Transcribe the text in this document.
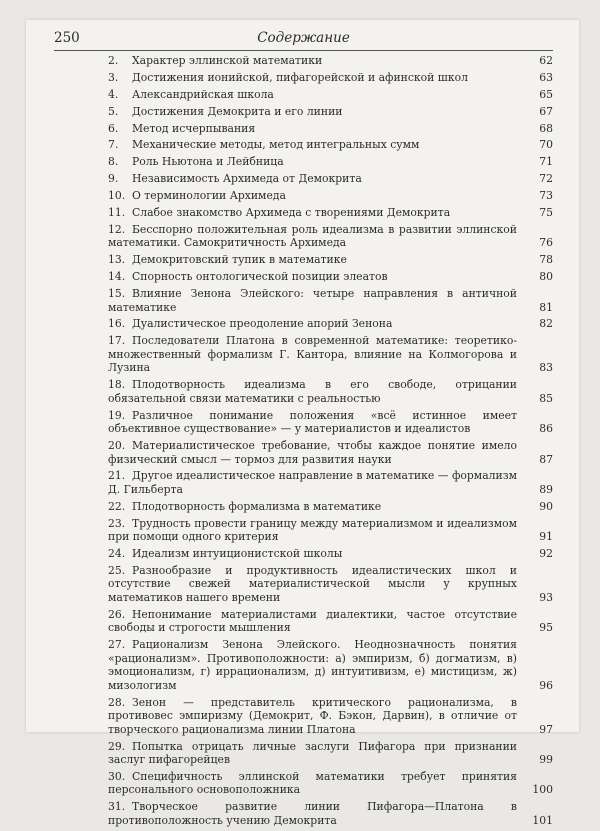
250	Содержание
2. Характер эллинской математики	62
3. Достижения ионийской, пифагорейской и афинской школ	63
4. Александрийская школа	65
5. Достижения Демокрита и его линии	67
6. Метод исчерпывания	68
7. Механические методы, метод интегральных сумм	70
8. Роль Ньютона и Лейбница	71
9. Независимость Архимеда от Демокрита	72
10. О терминологии Архимеда	73
11. Слабое знакомство Архимеда с творениями Демокрита	75
12. Бесспорно положительная роль идеализма в развитии эллинской математики. Самокритичность Архимеда	76
13. Демокритовский тупик в математике	78
14. Спорность онтологической позиции элеатов	80
15. Влияние Зенона Элейского: четыре направления в античной математике	81
16. Дуалистическое преодоление апорий Зенона	82
17. Последователи Платона в современной математике: теоретико-множественный формализм Г. Кантора, влияние на Колмогорова и Лузина	83
18. Плодотворность идеализма в его свободе, отрицании обязательной связи математики с реальностью	85
19. Различное понимание положения «всё истинное имеет объективное существование» — у материалистов и идеалистов	86
20. Материалистическое требование, чтобы каждое понятие имело физический смысл — тормоз для развития науки	87
21. Другое идеалистическое направление в математике — формализм Д. Гильберта	89
22. Плодотворность формализма в математике	90
23. Трудность провести границу между материализмом и идеализмом при помощи одного критерия	91
24. Идеализм интуиционистской школы	92
25. Разнообразие и продуктивность идеалистических школ и отсутствие свежей материалистической мысли у крупных математиков нашего времени	93
26. Непонимание материалистами диалектики, частое отсутствие свободы и строгости мышления	95
27. Рационализм Зенона Элейского. Неоднозначность понятия «рационализм». Противоположности: а) эмпиризм, б) догматизм, в) эмоционализм, г) иррационализм, д) интуитивизм, е) мистицизм, ж) мизологизм	96
28. Зенон — представитель критического рационализма, в противовес эмпиризму (Демокрит, Ф. Бэкон, Дарвин), в отличие от творческого рационализма линии Платона	97
29. Попытка отрицать личные заслуги Пифагора при признании заслуг пифагорейцев	99
30. Специфичность эллинской математики требует принятия персонального основоположника	100
31. Творческое развитие линии Пифагора—Платона в противоположность учению Демокрита	101
